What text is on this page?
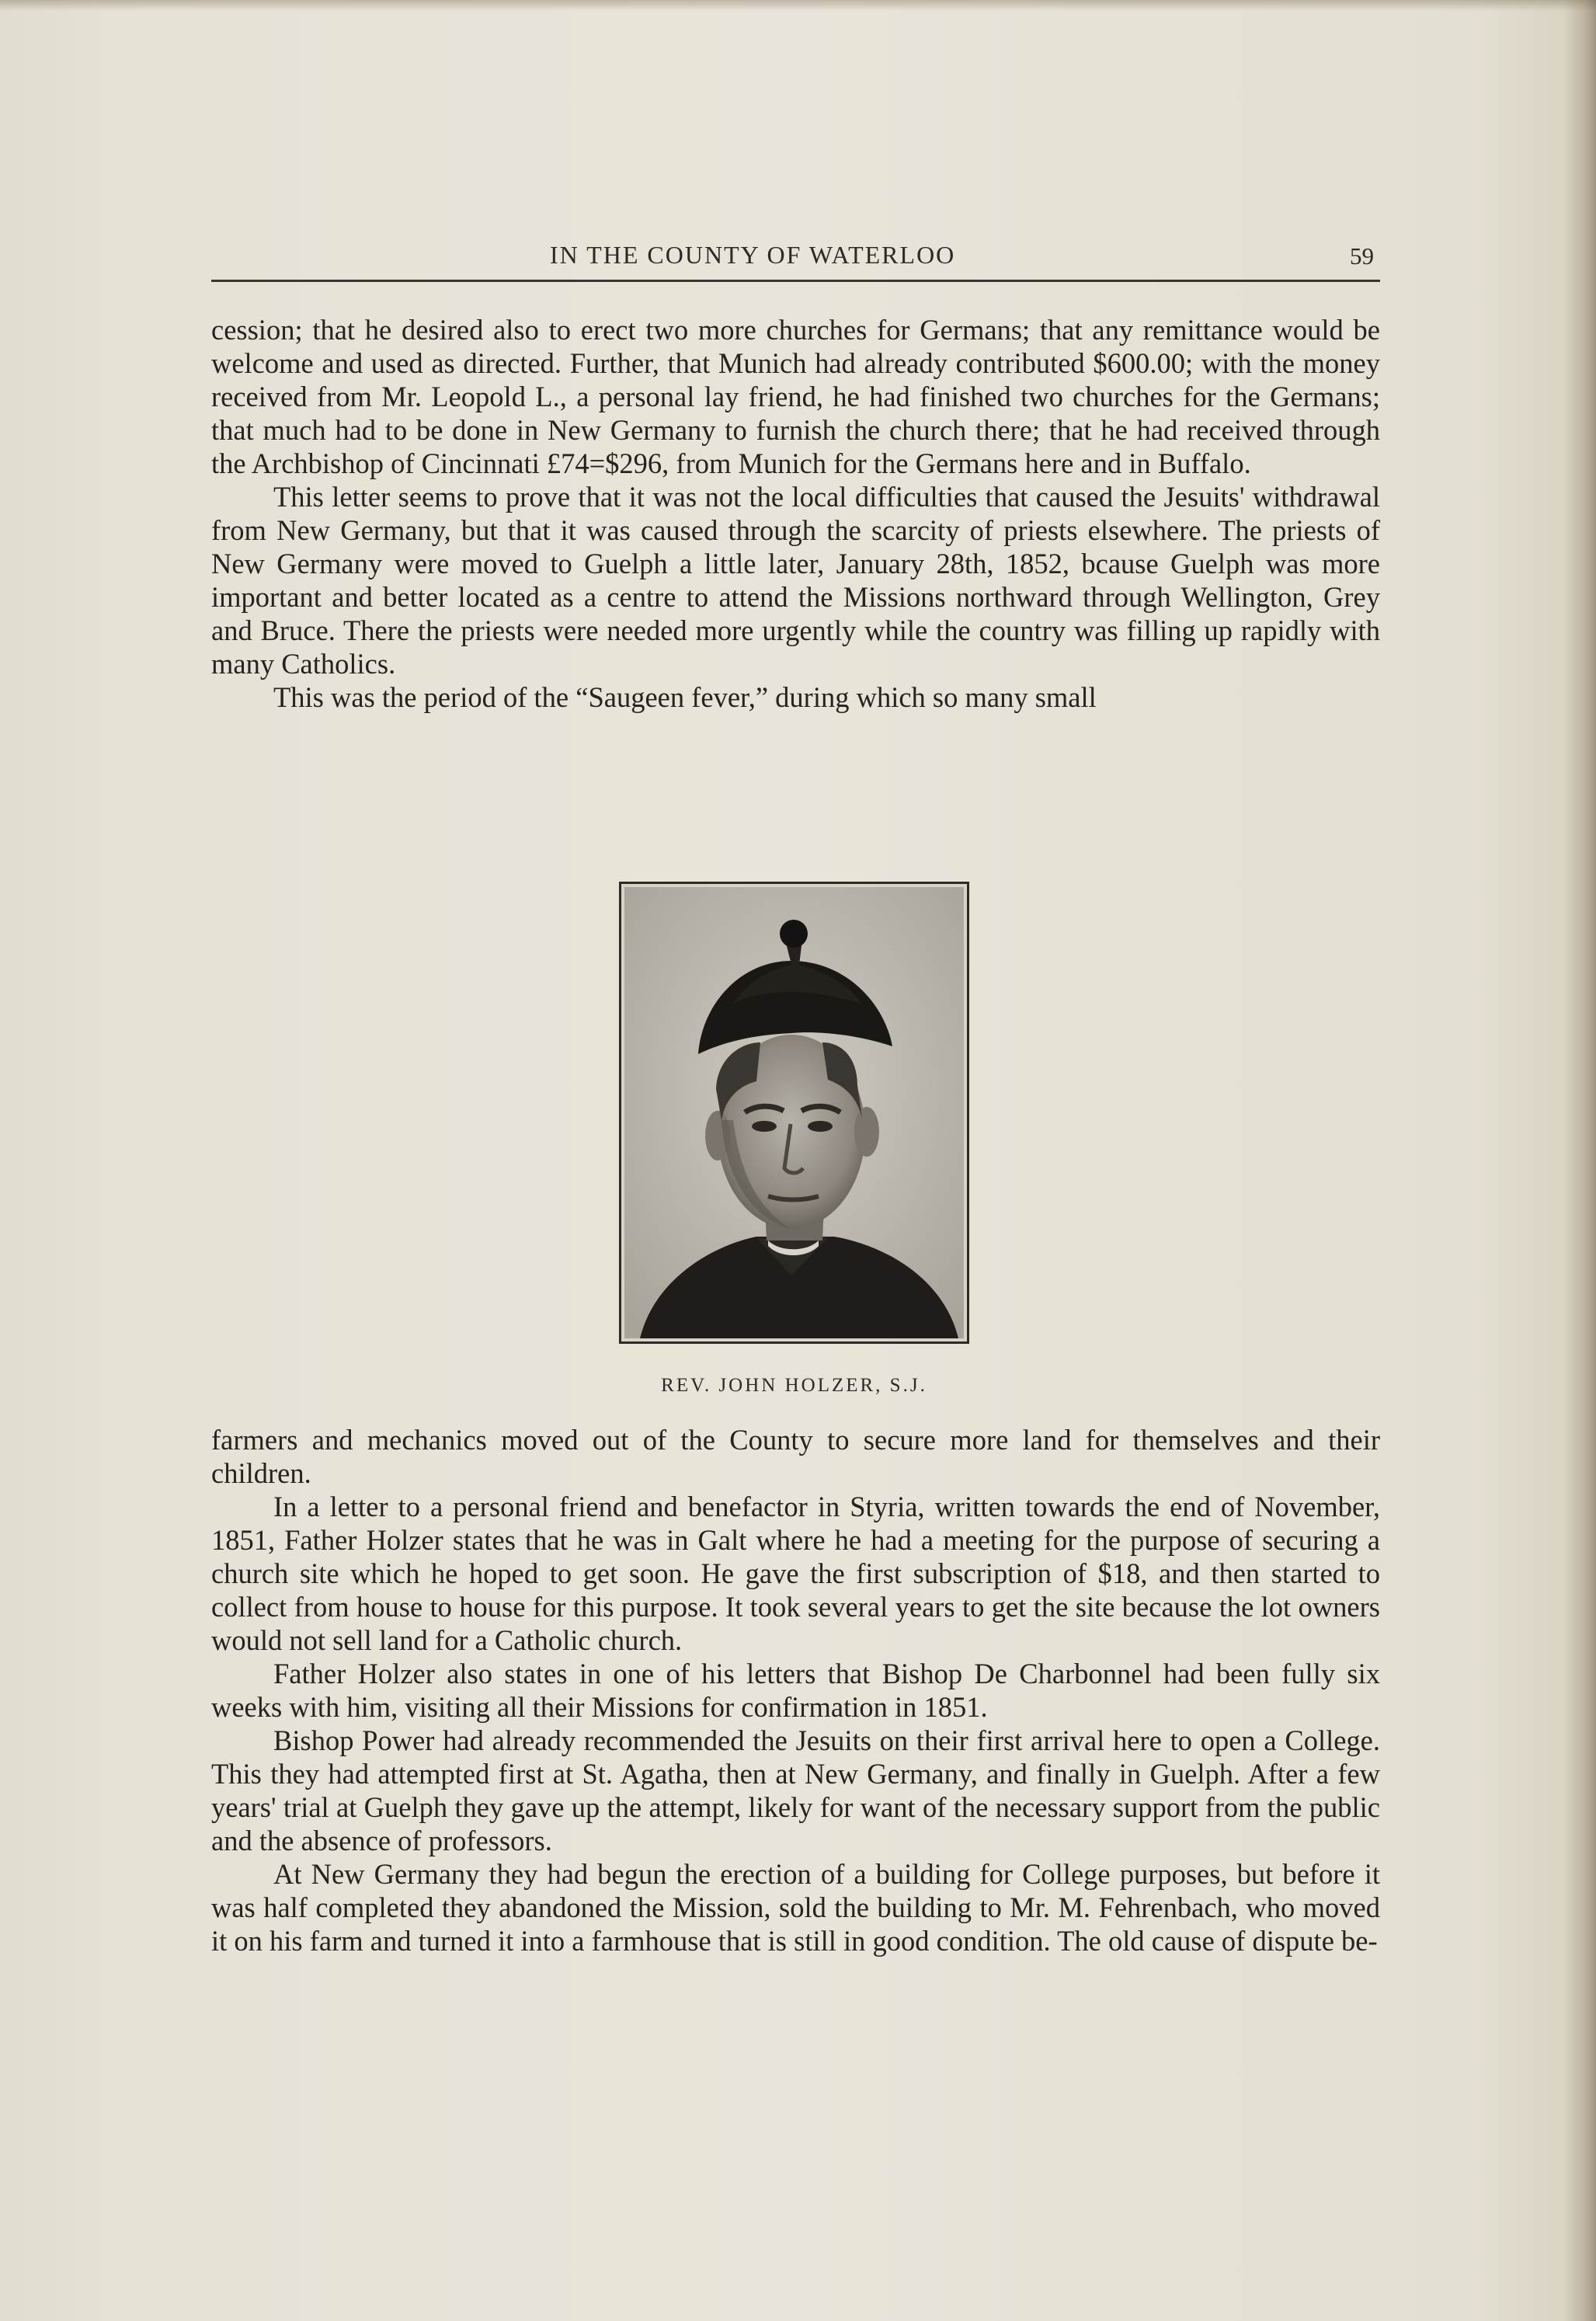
IN THE COUNTY OF WATERLOO	59

cession; that he desired also to erect two more churches for Germans; that any remittance would be welcome and used as directed. Further, that Munich had already contributed $600.00; with the money received from Mr. Leopold L., a personal lay friend, he had finished two churches for the Germans; that much had to be done in New Germany to furnish the church there; that he had received through the Archbishop of Cincinnati £74=$296, from Munich for the Germans here and in Buffalo.

This letter seems to prove that it was not the local difficulties that caused the Jesuits' withdrawal from New Germany, but that it was caused through the scarcity of priests elsewhere. The priests of New Germany were moved to Guelph a little later, January 28th, 1852, bcause Guelph was more important and better located as a centre to attend the Missions northward through Wellington, Grey and Bruce. There the priests were needed more urgently while the country was filling up rapidly with many Catholics.

This was the period of the “Saugeen fever,” during which so many small

REV. JOHN HOLZER, S.J.

farmers and mechanics moved out of the County to secure more land for themselves and their children.

In a letter to a personal friend and benefactor in Styria, written towards the end of November, 1851, Father Holzer states that he was in Galt where he had a meeting for the purpose of securing a church site which he hoped to get soon. He gave the first subscription of $18, and then started to collect from house to house for this purpose. It took several years to get the site because the lot owners would not sell land for a Catholic church.

Father Holzer also states in one of his letters that Bishop De Charbonnel had been fully six weeks with him, visiting all their Missions for confirmation in 1851.

Bishop Power had already recommended the Jesuits on their first arrival here to open a College. This they had attempted first at St. Agatha, then at New Germany, and finally in Guelph. After a few years' trial at Guelph they gave up the attempt, likely for want of the necessary support from the public and the absence of professors.

At New Germany they had begun the erection of a building for College purposes, but before it was half completed they abandoned the Mission, sold the building to Mr. M. Fehrenbach, who moved it on his farm and turned it into a farmhouse that is still in good condition. The old cause of dispute be-
